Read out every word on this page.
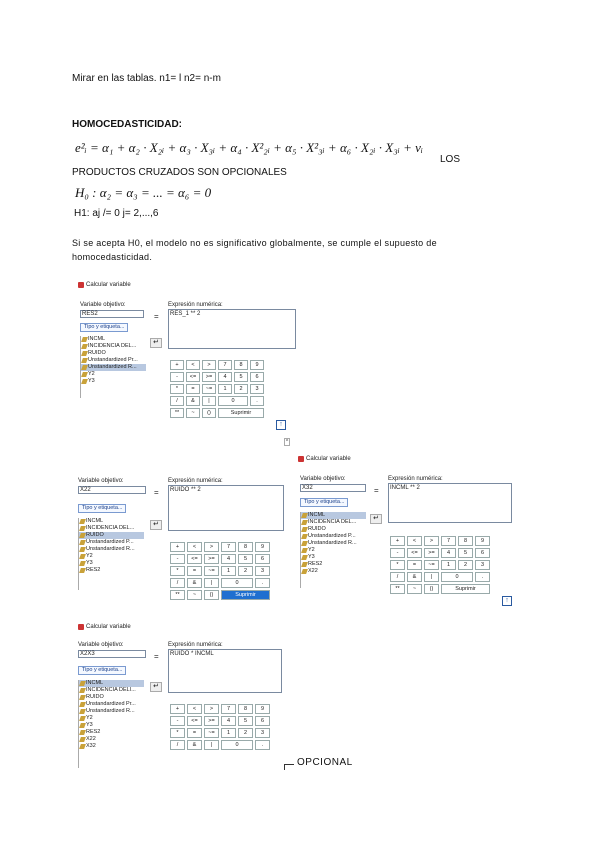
Mirar en las tablas. n1= l n2= n-m
HOMOCEDASTICIDAD:
e²ᵢ = α₁ + α₂ · X₂ᵢ + α₃ · X₃ᵢ + α₄ · X²₂ᵢ + α₅ · X²₃ᵢ + α₆ · X₂ᵢ · X₃ᵢ + νᵢ
LOS
PRODUCTOS CRUZADOS SON OPCIONALES
H₀ : α₂ = α₃ = ... = α₆ = 0
H1: aj /= 0 j= 2,...,6
Si se acepta H0, el modelo no es significativo globalmente, se cumple el supuesto de homocedasticidad.
Calcular variable
Variable objetivo:
RES2	=
Expresión numérica:
RES_1 ** 2
Tipo y etiqueta...
INCML
INCIDENCIA DEL...
RUIDO
Unstandardized Pr...
Unstandardized R...
Y2
Y3
↵
+	<	>	7	8	9
-	<=	>=	4	5	6
*	=	~=	1	2	3
/	&	|	0	.
**	~	()	Suprimir
↑
^
Variable objetivo:
X22	=
Expresión numérica:
RUIDO ** 2
Tipo y etiqueta...
INCML
INCIDENCIA DEL...
RUIDO
Unstandardized P...
Unstandardized R...
Y2
Y3
RES2
↵
+	<	>	7	8	9
-	<=	>=	4	5	6
*	=	~=	1	2	3
/	&	|	0	.
**	~	()	Suprimir
Calcular variable
Variable objetivo:
X32	=
Expresión numérica:
INCML ** 2
Tipo y etiqueta...
INCML
INCIDENCIA DEL...
RUIDO
Unstandardized P...
Unstandardized R...
Y2
Y3
RES2
X22
↵
+	<	>	7	8	9
-	<=	>=	4	5	6
*	=	~=	1	2	3
/	&	|	0	.
**	~	()	Suprimir
↑
Calcular variable
Variable objetivo:
X2X3	=
Expresión numérica:
RUIDO * INCML
Tipo y etiqueta...
INCML
INCIDENCIA DELI...
RUIDO
Unstandardized Pr...
Unstandardized R...
Y2
Y3
RES2
X22
X32
↵
+	<	>	7	8	9
-	<=	>=	4	5	6
*	=	~=	1	2	3
/	&	|	0	.
OPCIONAL
